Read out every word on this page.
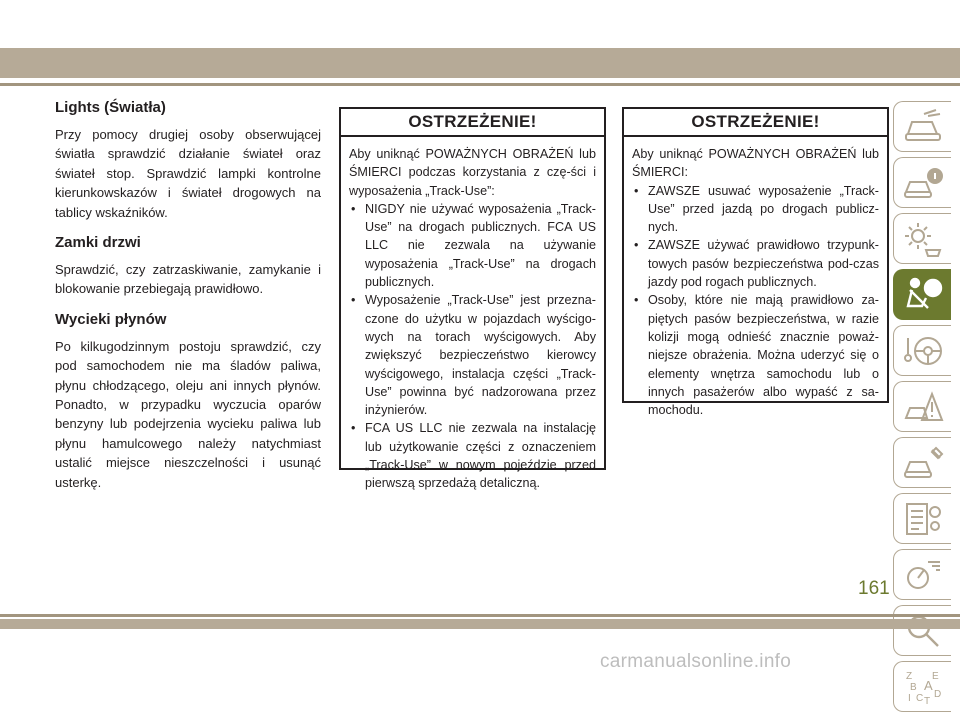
Lights (Światła)

Przy pomocy drugiej osoby obserwującej światła sprawdzić działanie świateł oraz świateł stop. Sprawdzić lampki kontrolne kierunkowskazów i świateł drogowych na tablicy wskaźników.

Zamki drzwi

Sprawdzić, czy zatrzaskiwanie, zamykanie i blokowanie przebiegają prawidłowo.

Wycieki płynów

Po kilkugodzinnym postoju sprawdzić, czy pod samochodem nie ma śladów paliwa, płynu chłodzącego, oleju ani innych płynów. Ponadto, w przypadku wyczucia oparów benzyny lub podejrzenia wycieku paliwa lub płynu hamulcowego należy natychmiast ustalić miejsce nieszczelności i usunąć usterkę.

OSTRZEŻENIE!

Aby uniknąć POWAŻNYCH OBRAŻEŃ lub ŚMIERCI podczas korzystania z czę-ści i wyposażenia „Track-Use”:

• NIGDY nie używać wyposażenia „Track-Use” na drogach publicznych. FCA US LLC nie zezwala na używanie wyposażenia „Track-Use” na drogach publicznych.
• Wyposażenie „Track-Use” jest przezna-czone do użytku w pojazdach wyścigo-wych na torach wyścigowych. Aby zwiększyć bezpieczeństwo kierowcy wyścigowego, instalacja części „Track-Use” powinna być nadzorowana przez inżynierów.
• FCA US LLC nie zezwala na instalację lub użytkowanie części z oznaczeniem „Track-Use” w nowym pojeździe przed pierwszą sprzedażą detaliczną.
OSTRZEŻENIE!

Aby uniknąć POWAŻNYCH OBRAŻEŃ lub ŚMIERCI:

• ZAWSZE usuwać wyposażenie „Track-Use” przed jazdą po drogach publicz-nych.
• ZAWSZE używać prawidłowo trzypunk-towych pasów bezpieczeństwa pod-czas jazdy pod rogach publicznych.
• Osoby, które nie mają prawidłowo za-piętych pasów bezpieczeństwa, w razie kolizji mogą odnieść znacznie poważ-niejsze obrażenia. Można uderzyć się o elementy wnętrza samochodu lub o innych pasażerów albo wypaść z sa-mochodu.
Z E
B A
I C D
T
161
carmanualsonline.info
